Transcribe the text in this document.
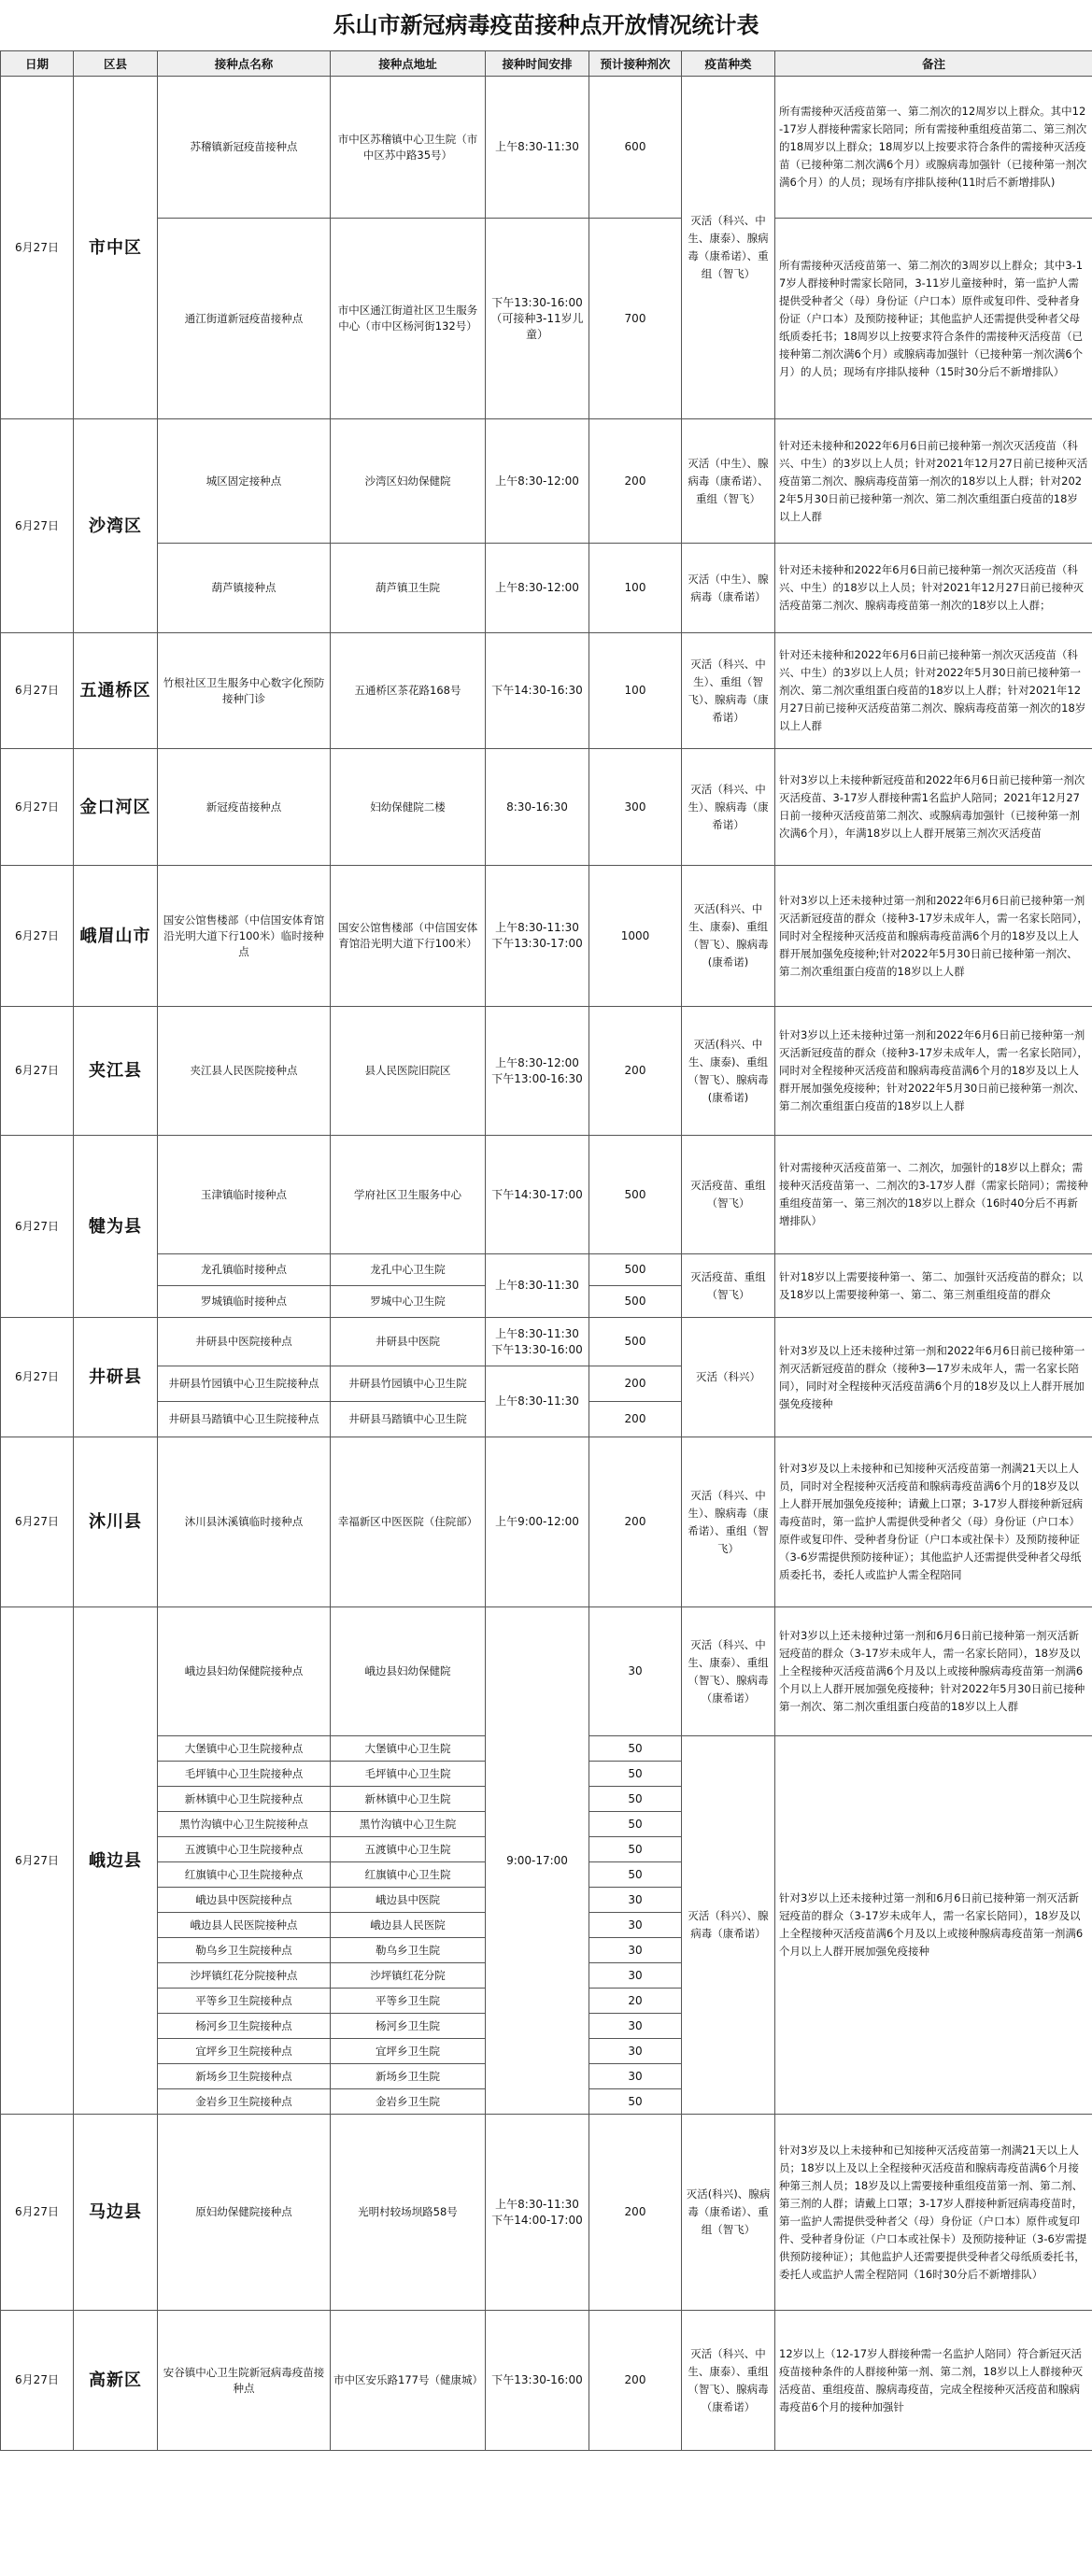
乐山市新冠病毒疫苗接种点开放情况统计表
日期	区县	接种点名称	接种点地址	接种时间安排	预计接种剂次	疫苗种类	备注
6月27日	市中区	苏稽镇新冠疫苗接种点	市中区苏稽镇中心卫生院（市中区苏中路35号）	上午8:30-11:30	600	灭活（科兴、中生、康泰）、腺病毒（康希诺）、重组（智飞）	所有需接种灭活疫苗第一、第二剂次的12周岁以上群众。其中12-17岁人群接种需家长陪同；所有需接种重组疫苗第二、第三剂次的18周岁以上群众；18周岁以上按要求符合条件的需接种灭活疫苗（已接种第二剂次满6个月）或腺病毒加强针（已接种第一剂次满6个月）的人员；现场有序排队接种(11时后不新增排队)
		通江街道新冠疫苗接种点	市中区通江街道社区卫生服务中心（市中区杨河街132号）	下午13:30-16:00（可接种3-11岁儿童）	700		所有需接种灭活疫苗第一、第二剂次的3周岁以上群众；其中3-17岁人群接种时需家长陪同，3-11岁儿童接种时，第一监护人需提供受种者父（母）身份证（户口本）原件或复印件、受种者身份证（户口本）及预防接种证；其他监护人还需提供受种者父母纸质委托书；18周岁以上按要求符合条件的需接种灭活疫苗（已接种第二剂次满6个月）或腺病毒加强针（已接种第一剂次满6个月）的人员；现场有序排队接种（15时30分后不新增排队）
6月27日	沙湾区	城区固定接种点	沙湾区妇幼保健院	上午8:30-12:00	200	灭活（中生）、腺病毒（康希诺）、重组（智飞）	针对还未接种和2022年6月6日前已接种第一剂次灭活疫苗（科兴、中生）的3岁以上人员；针对2021年12月27日前已接种灭活疫苗第二剂次、腺病毒疫苗第一剂次的18岁以上人群；针对2022年5月30日前已接种第一剂次、第二剂次重组蛋白疫苗的18岁以上人群
		葫芦镇接种点	葫芦镇卫生院	上午8:30-12:00	100	灭活（中生）、腺病毒（康希诺）	针对还未接种和2022年6月6日前已接种第一剂次灭活疫苗（科兴、中生）的18岁以上人员；针对2021年12月27日前已接种灭活疫苗第二剂次、腺病毒疫苗第一剂次的18岁以上人群；
6月27日	五通桥区	竹根社区卫生服务中心数字化预防接种门诊	五通桥区茶花路168号	下午14:30-16:30	100	灭活（科兴、中生）、重组（智飞）、腺病毒（康希诺）	针对还未接种和2022年6月6日前已接种第一剂次灭活疫苗（科兴、中生）的3岁以上人员；针对2022年5月30日前已接种第一剂次、第二剂次重组蛋白疫苗的18岁以上人群；针对2021年12月27日前已接种灭活疫苗第二剂次、腺病毒疫苗第一剂次的18岁以上人群
6月27日	金口河区	新冠疫苗接种点	妇幼保健院二楼	8:30-16:30	300	灭活（科兴、中生）、腺病毒（康希诺）	针对3岁以上未接种新冠疫苗和2022年6月6日前已接种第一剂次灭活疫苗、3-17岁人群接种需1名监护人陪同；2021年12月27日前一接种灭活疫苗第二剂次、或腺病毒加强针（已接种第一剂次满6个月），年满18岁以上人群开展第三剂次灭活疫苗
6月27日	峨眉山市	国安公馆售楼部（中信国安体育馆沿光明大道下行100米）临时接种点	国安公馆售楼部（中信国安体育馆沿光明大道下行100米）	上午8:30-11:30 下午13:30-17:00	1000	灭活(科兴、中生、康泰)、重组（智飞）、腺病毒(康希诺)	针对3岁以上还未接种过第一剂和2022年6月6日前已接种第一剂灭活新冠疫苗的群众（接种3-17岁未成年人，需一名家长陪同），同时对全程接种灭活疫苗和腺病毒疫苗满6个月的18岁及以上人群开展加强免疫接种;针对2022年5月30日前已接种第一剂次、第二剂次重组蛋白疫苗的18岁以上人群
6月27日	夹江县	夹江县人民医院接种点	县人民医院旧院区	上午8:30-12:00 下午13:00-16:30	200	灭活(科兴、中生、康泰)、重组（智飞）、腺病毒(康希诺)	针对3岁以上还未接种过第一剂和2022年6月6日前已接种第一剂灭活新冠疫苗的群众（接种3-17岁未成年人，需一名家长陪同），同时对全程接种灭活疫苗和腺病毒疫苗满6个月的18岁及以上人群开展加强免疫接种；针对2022年5月30日前已接种第一剂次、第二剂次重组蛋白疫苗的18岁以上人群
6月27日	犍为县	玉津镇临时接种点	学府社区卫生服务中心	下午14:30-17:00	500	灭活疫苗、重组（智飞）	针对需接种灭活疫苗第一、二剂次，加强针的18岁以上群众；需接种灭活疫苗第一、二剂次的3-17岁人群（需家长陪同）；需接种重组疫苗第一、第三剂次的18岁以上群众（16时40分后不再新增排队）
		龙孔镇临时接种点	龙孔中心卫生院	上午8:30-11:30	500	灭活疫苗、重组（智飞）	针对18岁以上需要接种第一、第二、加强针灭活疫苗的群众；以及18岁以上需要接种第一、第二、第三剂重组疫苗的群众
		罗城镇临时接种点	罗城中心卫生院		500		
6月27日	井研县	井研县中医院接种点	井研县中医院	上午8:30-11:30 下午13:30-16:00	500	灭活（科兴）	针对3岁及以上还未接种过第一剂和2022年6月6日前已接种第一剂灭活新冠疫苗的群众（接种3—17岁未成年人，需一名家长陪同），同时对全程接种灭活疫苗满6个月的18岁及以上人群开展加强免疫接种
		井研县竹园镇中心卫生院接种点	井研县竹园镇中心卫生院	上午8:30-11:30	200		
		井研县马踏镇中心卫生院接种点	井研县马踏镇中心卫生院		200		
6月27日	沐川县	沐川县沐溪镇临时接种点	幸福新区中医医院（住院部）	上午9:00-12:00	200	灭活（科兴、中生）、腺病毒（康希诺）、重组（智飞）	针对3岁及以上未接种和已知接种灭活疫苗第一剂满21天以上人员，同时对全程接种灭活疫苗和腺病毒疫苗满6个月的18岁及以上人群开展加强免疫接种；请戴上口罩；3-17岁人群接种新冠病毒疫苗时，第一监护人需提供受种者父（母）身份证（户口本）原件或复印件、受种者身份证（户口本或社保卡）及预防接种证（3-6岁需提供预防接种证）；其他监护人还需提供受种者父母纸质委托书，委托人或监护人需全程陪同
6月27日	峨边县	峨边县妇幼保健院接种点	峨边县妇幼保健院	9:00-17:00	30	灭活（科兴、中生、康泰）、重组（智飞）、腺病毒（康希诺）	针对3岁以上还未接种过第一剂和6月6日前已接种第一剂灭活新冠疫苗的群众（3-17岁未成年人，需一名家长陪同），18岁及以上全程接种灭活疫苗满6个月及以上或接种腺病毒疫苗第一剂满6个月以上人群开展加强免疫接种；针对2022年5月30日前已接种第一剂次、第二剂次重组蛋白疫苗的18岁以上人群
		大堡镇中心卫生院接种点	大堡镇中心卫生院		50	灭活（科兴）、腺病毒（康希诺）	针对3岁以上还未接种过第一剂和6月6日前已接种第一剂灭活新冠疫苗的群众（3-17岁未成年人，需一名家长陪同），18岁及以上全程接种灭活疫苗满6个月及以上或接种腺病毒疫苗第一剂满6个月以上人群开展加强免疫接种
		毛坪镇中心卫生院接种点	毛坪镇中心卫生院		50		
		新林镇中心卫生院接种点	新林镇中心卫生院		50		
		黑竹沟镇中心卫生院接种点	黑竹沟镇中心卫生院		50		
		五渡镇中心卫生院接种点	五渡镇中心卫生院		50		
		红旗镇中心卫生院接种点	红旗镇中心卫生院		50		
		峨边县中医院接种点	峨边县中医院		30		
		峨边县人民医院接种点	峨边县人民医院		30		
		勒乌乡卫生院接种点	勒乌乡卫生院		30		
		沙坪镇红花分院接种点	沙坪镇红花分院		30		
		平等乡卫生院接种点	平等乡卫生院		20		
		杨河乡卫生院接种点	杨河乡卫生院		30		
		宜坪乡卫生院接种点	宜坪乡卫生院		30		
		新场乡卫生院接种点	新场乡卫生院		30		
		金岩乡卫生院接种点	金岩乡卫生院		50		
6月27日	马边县	原妇幼保健院接种点	光明村较场坝路58号	上午8:30-11:30 下午14:00-17:00	200	灭活(科兴)、腺病毒（康希诺）、重组（智飞）	针对3岁及以上未接种和已知接种灭活疫苗第一剂满21天以上人员；18岁以上及以上全程接种灭活疫苗和腺病毒疫苗满6个月接种第三剂人员；18岁及以上需要接种重组疫苗第一剂、第二剂、第三剂的人群；请戴上口罩；3-17岁人群接种新冠病毒疫苗时，第一监护人需提供受种者父（母）身份证（户口本）原件或复印件、受种者身份证（户口本或社保卡）及预防接种证（3-6岁需提供预防接种证）；其他监护人还需要提供受种者父母纸质委托书，委托人或监护人需全程陪同（16时30分后不新增排队）
6月27日	高新区	安谷镇中心卫生院新冠病毒疫苗接种点	市中区安乐路177号（健康城）	下午13:30-16:00	200	灭活（科兴、中生、康泰）、重组（智飞）、腺病毒（康希诺）	12岁以上（12-17岁人群接种需一名监护人陪同）符合新冠灭活疫苗接种条件的人群接种第一剂、第二剂，18岁以上人群接种灭活疫苗、重组疫苗、腺病毒疫苗，完成全程接种灭活疫苗和腺病毒疫苗6个月的接种加强针
